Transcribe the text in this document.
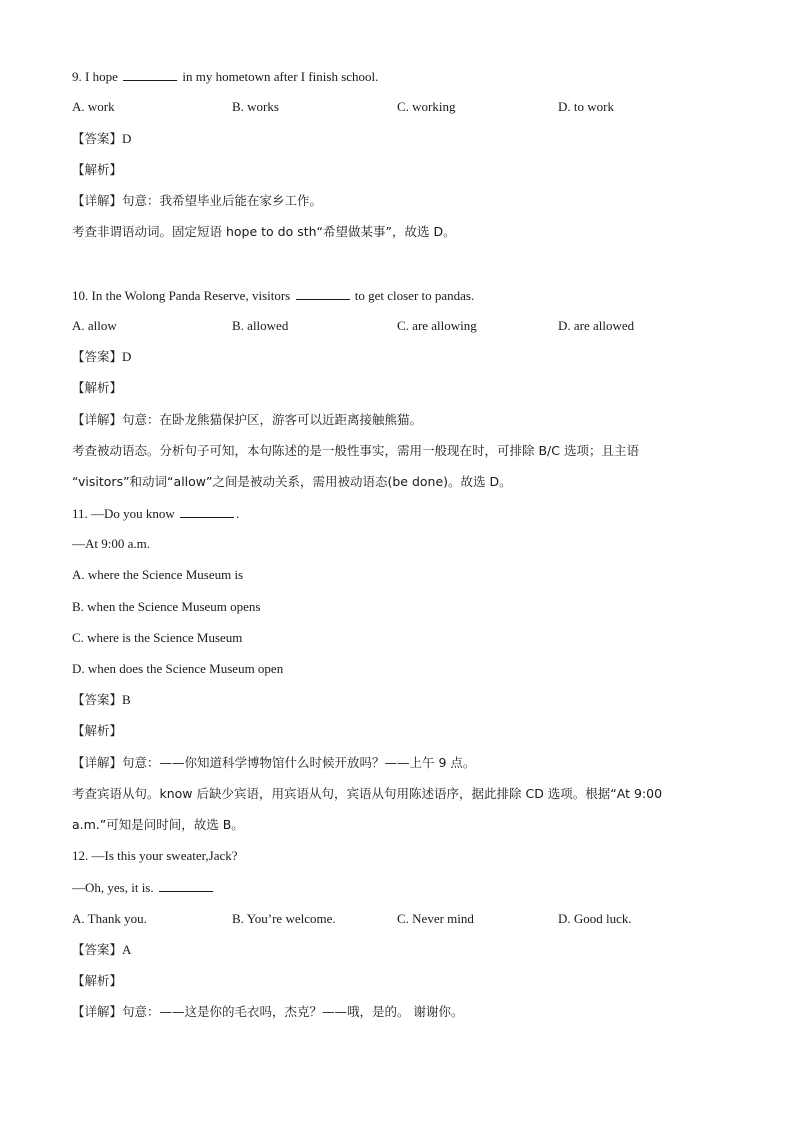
9. I hope	in my hometown after I finish school.
A. work	B. works	C. working	D. to work
【答案】D
【解析】
【详解】句意：我希望毕业后能在家乡工作。
考查非谓语动词。固定短语 hope to do sth“希望做某事”，故选 D。
10. In the Wolong Panda Reserve, visitors	to get closer to pandas.
A. allow	B. allowed	C. are allowing	D. are allowed
【答案】D
【解析】
【详解】句意：在卧龙熊猫保护区，游客可以近距离接触熊猫。
考查被动语态。分析句子可知，本句陈述的是一般性事实，需用一般现在时，可排除 B/C 选项；且主语
“visitors”和动词“allow”之间是被动关系，需用被动语态(be done)。故选 D。
11. —Do you know	.
—At 9:00 a.m.
A. where the Science Museum is
B. when the Science Museum opens
C. where is the Science Museum
D. when does the Science Museum open
【答案】B
【解析】
【详解】句意：——你知道科学博物馆什么时候开放吗？——上午 9 点。
考查宾语从句。know 后缺少宾语，用宾语从句，宾语从句用陈述语序，据此排除 CD 选项。根据“At 9:00
a.m.”可知是问时间，故选 B。
12. —Is this your sweater,Jack?
—Oh, yes, it is.
A. Thank you.	B. You’re welcome.	C. Never mind	D. Good luck.
【答案】A
【解析】
【详解】句意：——这是你的毛衣吗，杰克？——哦，是的。 谢谢你。
